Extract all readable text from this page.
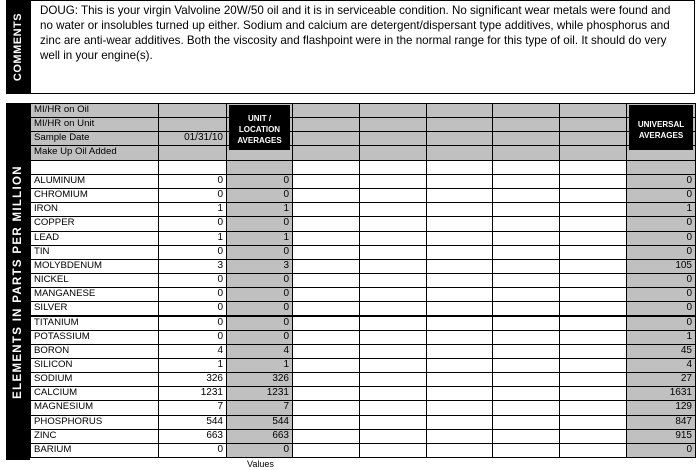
COMMENTS

DOUG: This is your virgin Valvoline 20W/50 oil and it is in serviceable condition. No significant wear metals were found and no water or insolubles turned up either. Sodium and calcium are detergent/dispersant type additives, while phosphorus and zinc are anti-wear additives. Both the viscosity and flashpoint were in the normal range for this type of oil. It should do very well in your engine(s).

ELEMENTS IN PARTS PER MILLION
MI/HR on Oil
MI/HR on Unit
Sample Date	01/31/10
Make Up Oil Added
UNIT / LOCATION AVERAGES
UNIVERSAL AVERAGES
ALUMINUM	0	0	0
CHROMIUM	0	0	0
IRON	1	1	1
COPPER	0	0	0
LEAD	1	1	0
TIN	0	0	0
MOLYBDENUM	3	3	105
NICKEL	0	0	0
MANGANESE	0	0	0
SILVER	0	0	0
TITANIUM	0	0	0
POTASSIUM	0	0	1
BORON	4	4	45
SILICON	1	1	4
SODIUM	326	326	27
CALCIUM	1231	1231	1631
MAGNESIUM	7	7	129
PHOSPHORUS	544	544	847
ZINC	663	663	915
BARIUM	0	0	0
Values
